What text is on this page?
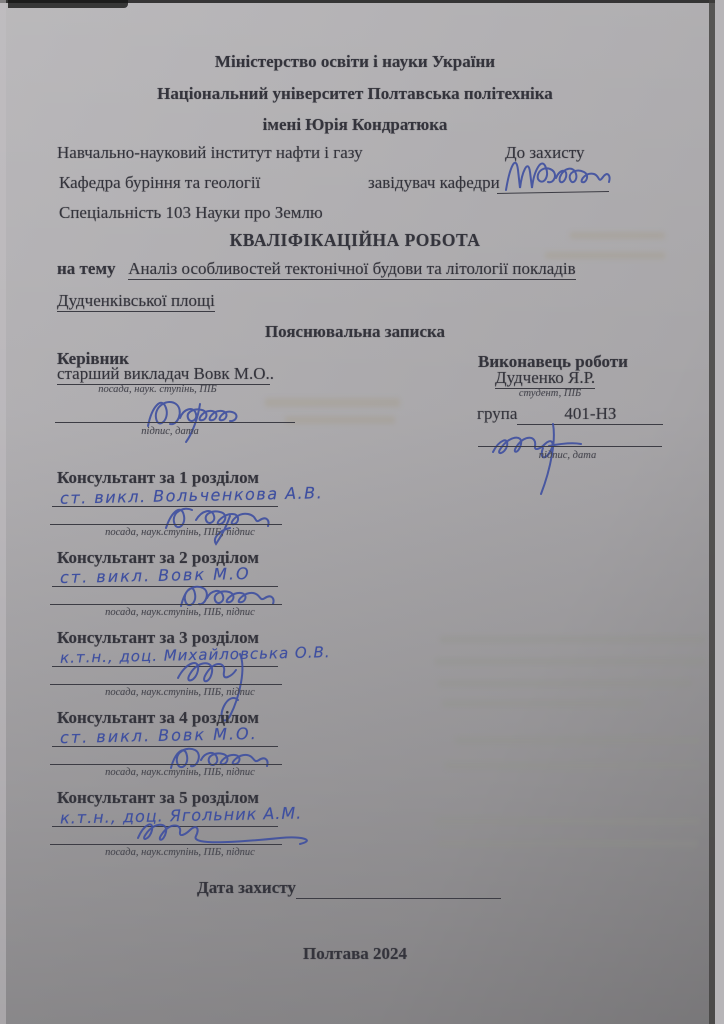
Міністерство освіти і науки України
Національний університет Полтавська політехніка
імені Юрія Кондратюка
Навчально-науковий інститут нафти і газу	До захисту
Кафедра буріння та геології	завідувач кафедри
Спеціальність 103 Науки про Землю
КВАЛІФІКАЦІЙНА РОБОТА
на тему Аналіз особливостей тектонічної будови та літології покладів
Дудченківської площі
Пояснювальна записка
Керівник
старший викладач Вовк М.О..
посада, наук. ступінь, ПІБ
підпис, дата
Виконавець роботи
Дудченко Я.Р.
студент, ПІБ
група	401-НЗ
підпис, дата
Консультант за 1 розділом
ст. викл. Вольченкова А.В.
посада, наук.ступінь, ПІБ, підпис
Консультант за 2 розділом
ст. викл. Вовк М.О
посада, наук.ступінь, ПІБ, підпис
Консультант за 3 розділом
к.т.н., доц. Михайловська О.В.
посада, наук.ступінь, ПІБ, підпис
Консультант за 4 розділом
ст. викл. Вовк М.О.
посада, наук.ступінь, ПІБ, підпис
Консультант за 5 розділом
к.т.н., доц. Ягольник А.М.
посада, наук.ступінь, ПІБ, підпис
Дата захисту
Полтава 2024
